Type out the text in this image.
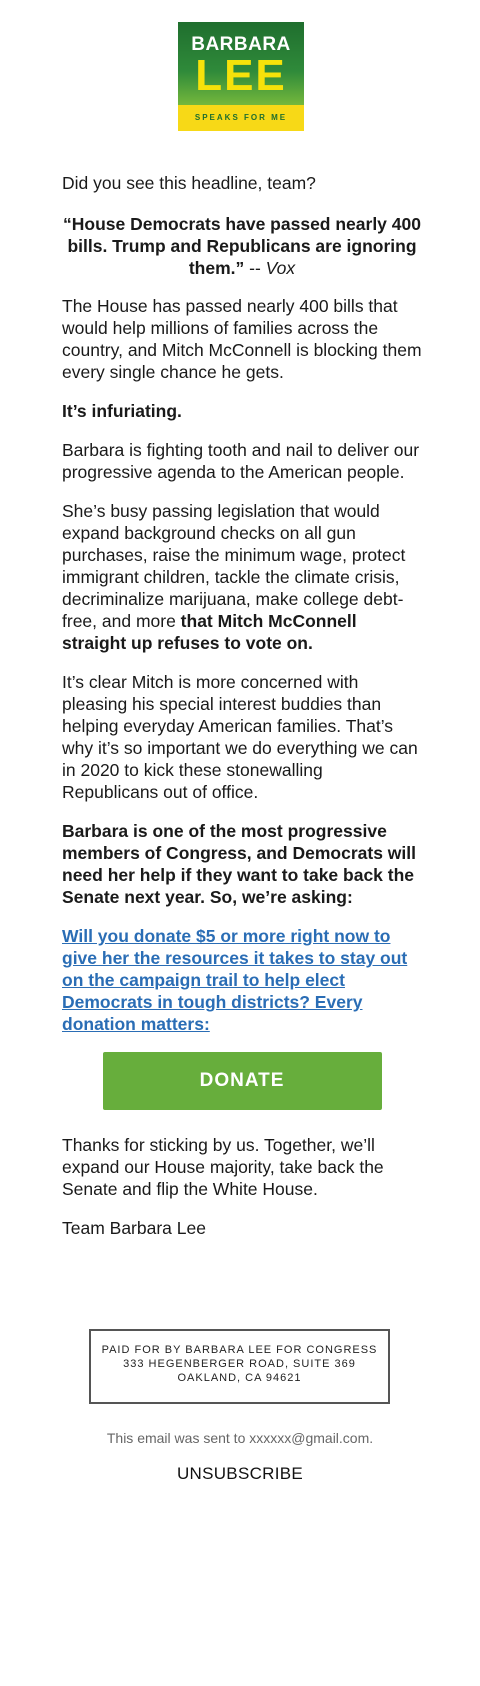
BARBARA
LEE
SPEAKS FOR ME

Did you see this headline, team?

“House Democrats have passed nearly 400 bills. Trump and Republicans are ignoring them.” -- Vox

The House has passed nearly 400 bills that would help millions of families across the country, and Mitch McConnell is blocking them every single chance he gets.

It’s infuriating.

Barbara is fighting tooth and nail to deliver our progressive agenda to the American people.

She’s busy passing legislation that would expand background checks on all gun purchases, raise the minimum wage, protect immigrant children, tackle the climate crisis, decriminalize marijuana, make college debt-free, and more that Mitch McConnell straight up refuses to vote on.

It’s clear Mitch is more concerned with pleasing his special interest buddies than helping everyday American families. That’s why it’s so important we do everything we can in 2020 to kick these stonewalling Republicans out of office.

Barbara is one of the most progressive members of Congress, and Democrats will need her help if they want to take back the Senate next year. So, we’re asking:

Will you donate $5 or more right now to give her the resources it takes to stay out on the campaign trail to help elect Democrats in tough districts? Every donation matters:

DONATE

Thanks for sticking by us. Together, we’ll expand our House majority, take back the Senate and flip the White House.

Team Barbara Lee

PAID FOR BY BARBARA LEE FOR CONGRESS
333 HEGENBERGER ROAD, SUITE 369
OAKLAND, CA 94621
This email was sent to xxxxxx@gmail.com.
UNSUBSCRIBE
